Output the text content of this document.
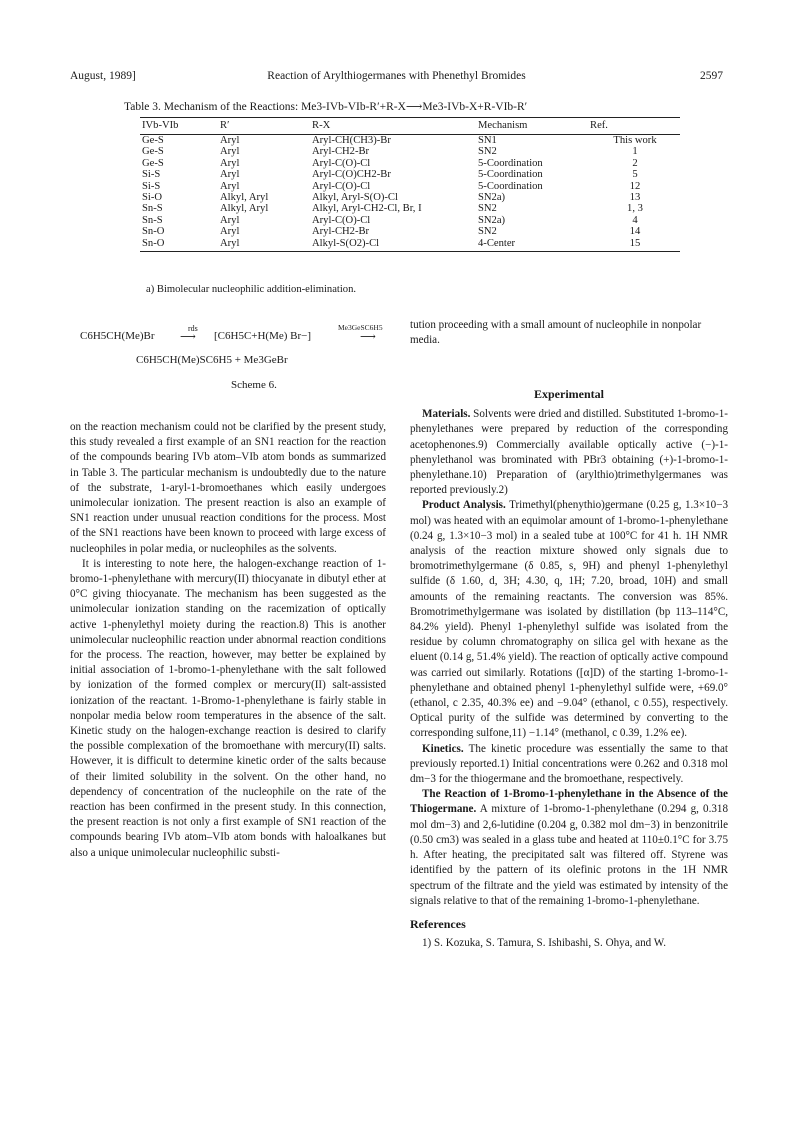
August, 1989]	Reaction of Arylthiogermanes with Phenethyl Bromides	2597
Table 3. Mechanism of the Reactions: Me3-IVb-VIb-R′+R-X⟶Me3-IVb-X+R-VIb-R′
IVb-VIb	R′	R-X	Mechanism	Ref.
Ge-S	Aryl	Aryl-CH(CH3)-Br	SN1	This work
Ge-S	Aryl	Aryl-CH2-Br	SN2	1
Ge-S	Aryl	Aryl-C(O)-Cl	5-Coordination	2
Si-S	Aryl	Aryl-C(O)CH2-Br	5-Coordination	5
Si-S	Aryl	Aryl-C(O)-Cl	5-Coordination	12
Si-O	Alkyl, Aryl	Alkyl, Aryl-S(O)-Cl	SN2a)	13
Sn-S	Alkyl, Aryl	Alkyl, Aryl-CH2-Cl, Br, I	SN2	1, 3
Sn-S	Aryl	Aryl-C(O)-Cl	SN2a)	4
Sn-O	Aryl	Aryl-CH2-Br	SN2	14
Sn-O	Aryl	Alkyl-S(O2)-Cl	4-Center	15
a) Bimolecular nucleophilic addition-elimination.
C6H5CH(Me)Br ⟶
rds
[C6H5C+H(Me) Br−]
Me3GeSC6H5
⟶
C6H5CH(Me)SC6H5 + Me3GeBr
Scheme 6.

on the reaction mechanism could not be clarified by the present study, this study revealed a first example of an SN1 reaction for the reaction of the compounds bearing IVb atom–VIb atom bonds as summarized in Table 3. The particular mechanism is undoubtedly due to the nature of the substrate, 1-aryl-1-bromoethanes which easily undergoes unimolecular ionization. The present reaction is also an example of SN1 reaction under unusual reaction conditions for the process. Most of the SN1 reactions have been known to proceed with large excess of nucleophiles in polar media, or nucleophiles as the solvents.

It is interesting to note here, the halogen-exchange reaction of 1-bromo-1-phenylethane with mercury(II) thiocyanate in dibutyl ether at 0°C giving thiocyanate. The mechanism has been suggested as the unimolecular ionization standing on the racemization of optically active 1-phenylethyl moiety during the reaction.8) This is another unimolecular nucleophilic reaction under abnormal reaction conditions for the process. The reaction, however, may better be explained by initial association of 1-bromo-1-phenylethane with the salt followed by ionization of the formed complex or mercury(II) salt-assisted ionization of the reactant. 1-Bromo-1-phenylethane is fairly stable in nonpolar media below room temperatures in the absence of the salt. Kinetic study on the halogen-exchange reaction is desired to clarify the possible complexation of the bromoethane with mercury(II) salts. However, it is difficult to determine kinetic order of the salts because of their limited solubility in the solvent. On the other hand, no dependency of concentration of the nucleophile on the rate of the reaction has been confirmed in the present study. In this connection, the present reaction is not only a first example of SN1 reaction of the compounds bearing IVb atom–VIb atom bonds with haloalkanes but also a unique unimolecular nucleophilic substi-

tution proceeding with a small amount of nucleophile in nonpolar media.

Experimental

Materials. Solvents were dried and distilled. Substituted 1-bromo-1-phenylethanes were prepared by reduction of the corresponding acetophenones.9) Commercially available optically active (−)-1-phenylethanol was brominated with PBr3 obtaining (+)-1-bromo-1-phenylethane.10) Preparation of (arylthio)trimethylgermanes was reported previously.2)

Product Analysis. Trimethyl(phenythio)germane (0.25 g, 1.3×10−3 mol) was heated with an equimolar amount of 1-bromo-1-phenylethane (0.24 g, 1.3×10−3 mol) in a sealed tube at 100°C for 41 h. 1H NMR analysis of the reaction mixture showed only signals due to bromotrimethylgermane (δ 0.85, s, 9H) and phenyl 1-phenylethyl sulfide (δ 1.60, d, 3H; 4.30, q, 1H; 7.20, broad, 10H) and small amounts of the remaining reactants. The conversion was 85%. Bromotrimethylgermane was isolated by distillation (bp 113–114°C, 84.2% yield). Phenyl 1-phenylethyl sulfide was isolated from the residue by column chromatography on silica gel with hexane as the eluent (0.14 g, 51.4% yield). The reaction of optically active compound was carried out similarly. Rotations ([α]D) of the starting 1-bromo-1-phenylethane and obtained phenyl 1-phenylethyl sulfide were, +69.0° (ethanol, c 2.35, 40.3% ee) and −9.04° (ethanol, c 0.55), respectively. Optical purity of the sulfide was determined by converting to the corresponding sulfone,11) −1.14° (methanol, c 0.39, 1.2% ee).

Kinetics. The kinetic procedure was essentially the same to that previously reported.1) Initial concentrations were 0.262 and 0.318 mol dm−3 for the thiogermane and the bromoethane, respectively.

The Reaction of 1-Bromo-1-phenylethane in the Absence of the Thiogermane. A mixture of 1-bromo-1-phenylethane (0.294 g, 0.318 mol dm−3) and 2,6-lutidine (0.204 g, 0.382 mol dm−3) in benzonitrile (0.50 cm3) was sealed in a glass tube and heated at 110±0.1°C for 3.75 h. After heating, the precipitated salt was filtered off. Styrene was identified by the pattern of its olefinic protons in the 1H NMR spectrum of the filtrate and the yield was estimated by intensity of the signals relative to that of the remaining 1-bromo-1-phenylethane.

References

1) S. Kozuka, S. Tamura, S. Ishibashi, S. Ohya, and W.
